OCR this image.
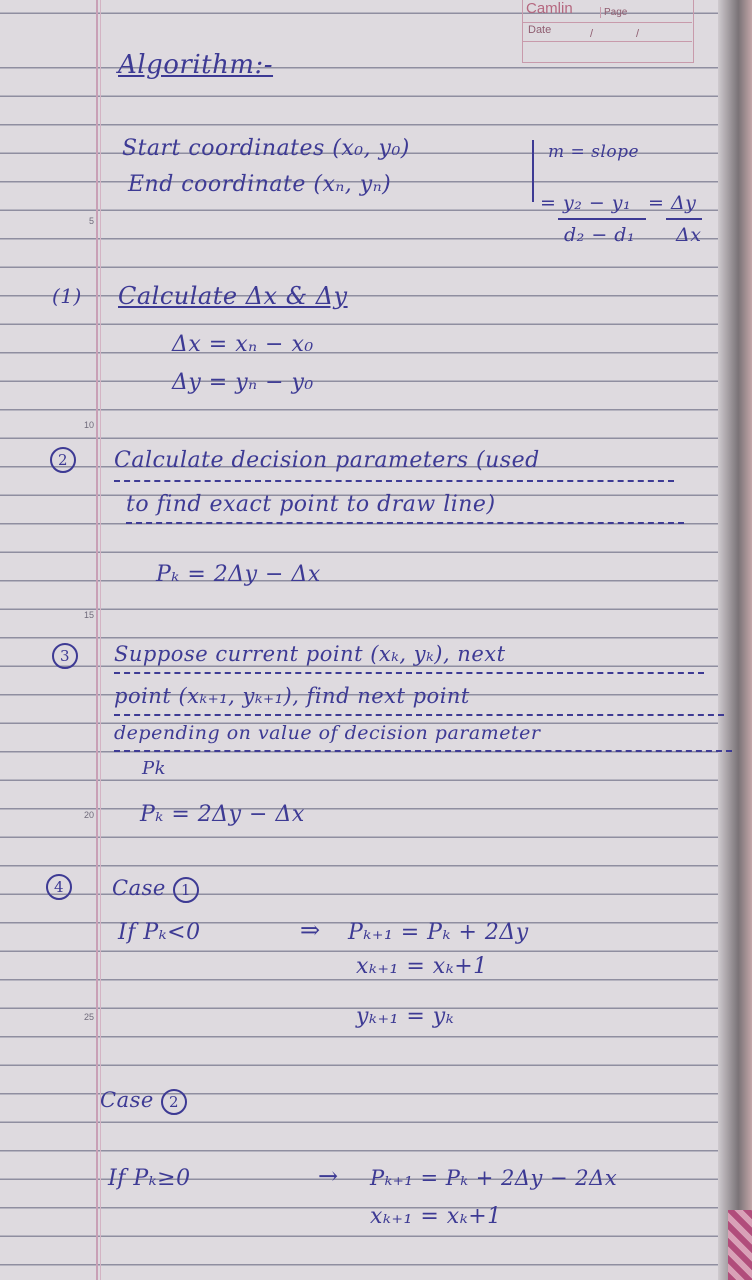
Camlin	Page
Date	/	/
5
10
15
20
25
Algorithm:-
Start coordinates (x₀, y₀)
End coordinate (xₙ, yₙ)
m = slope
= y₂ − y₁
d₂ − d₁
= Δy
Δx
(1) Calculate Δx & Δy
Δx = xₙ − x₀
Δy = yₙ − y₀
2	Calculate decision parameters (used
to find exact point to draw line)
Pₖ = 2Δy − Δx
3	Suppose current point (xₖ, yₖ), next
point (xₖ₊₁, yₖ₊₁), find next point
depending on value of decision parameter
Pk
Pₖ = 2Δy − Δx
4	Case 1
If Pₖ<0	⇒ Pₖ₊₁ = Pₖ + 2Δy
xₖ₊₁ = xₖ+1
yₖ₊₁ = yₖ
Case 2
If Pₖ≥0	→ Pₖ₊₁ = Pₖ + 2Δy − 2Δx
xₖ₊₁ = xₖ+1
